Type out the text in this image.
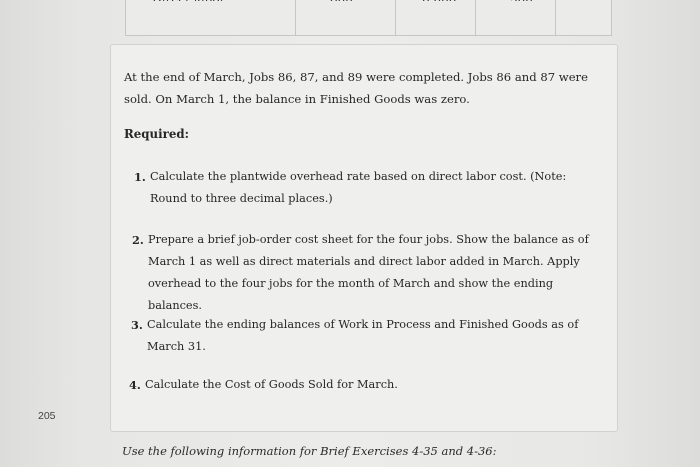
At the end of March, Jobs 86, 87, and 89 were completed. Jobs 86 and 87 were sold. On March 1, the balance in Finished Goods was zero.

Required:

1. Calculate the plantwide overhead rate based on direct labor cost. (Note: Round to three decimal places.)
2. Prepare a brief job-order cost sheet for the four jobs. Show the balance as of March 1 as well as direct materials and direct labor added in March. Apply overhead to the four jobs for the month of March and show the ending balances.
3. Calculate the ending balances of Work in Process and Finished Goods as of March 31.
4. Calculate the Cost of Goods Sold for March.
205
Use the following information for Brief Exercises 4-35 and 4-36:
